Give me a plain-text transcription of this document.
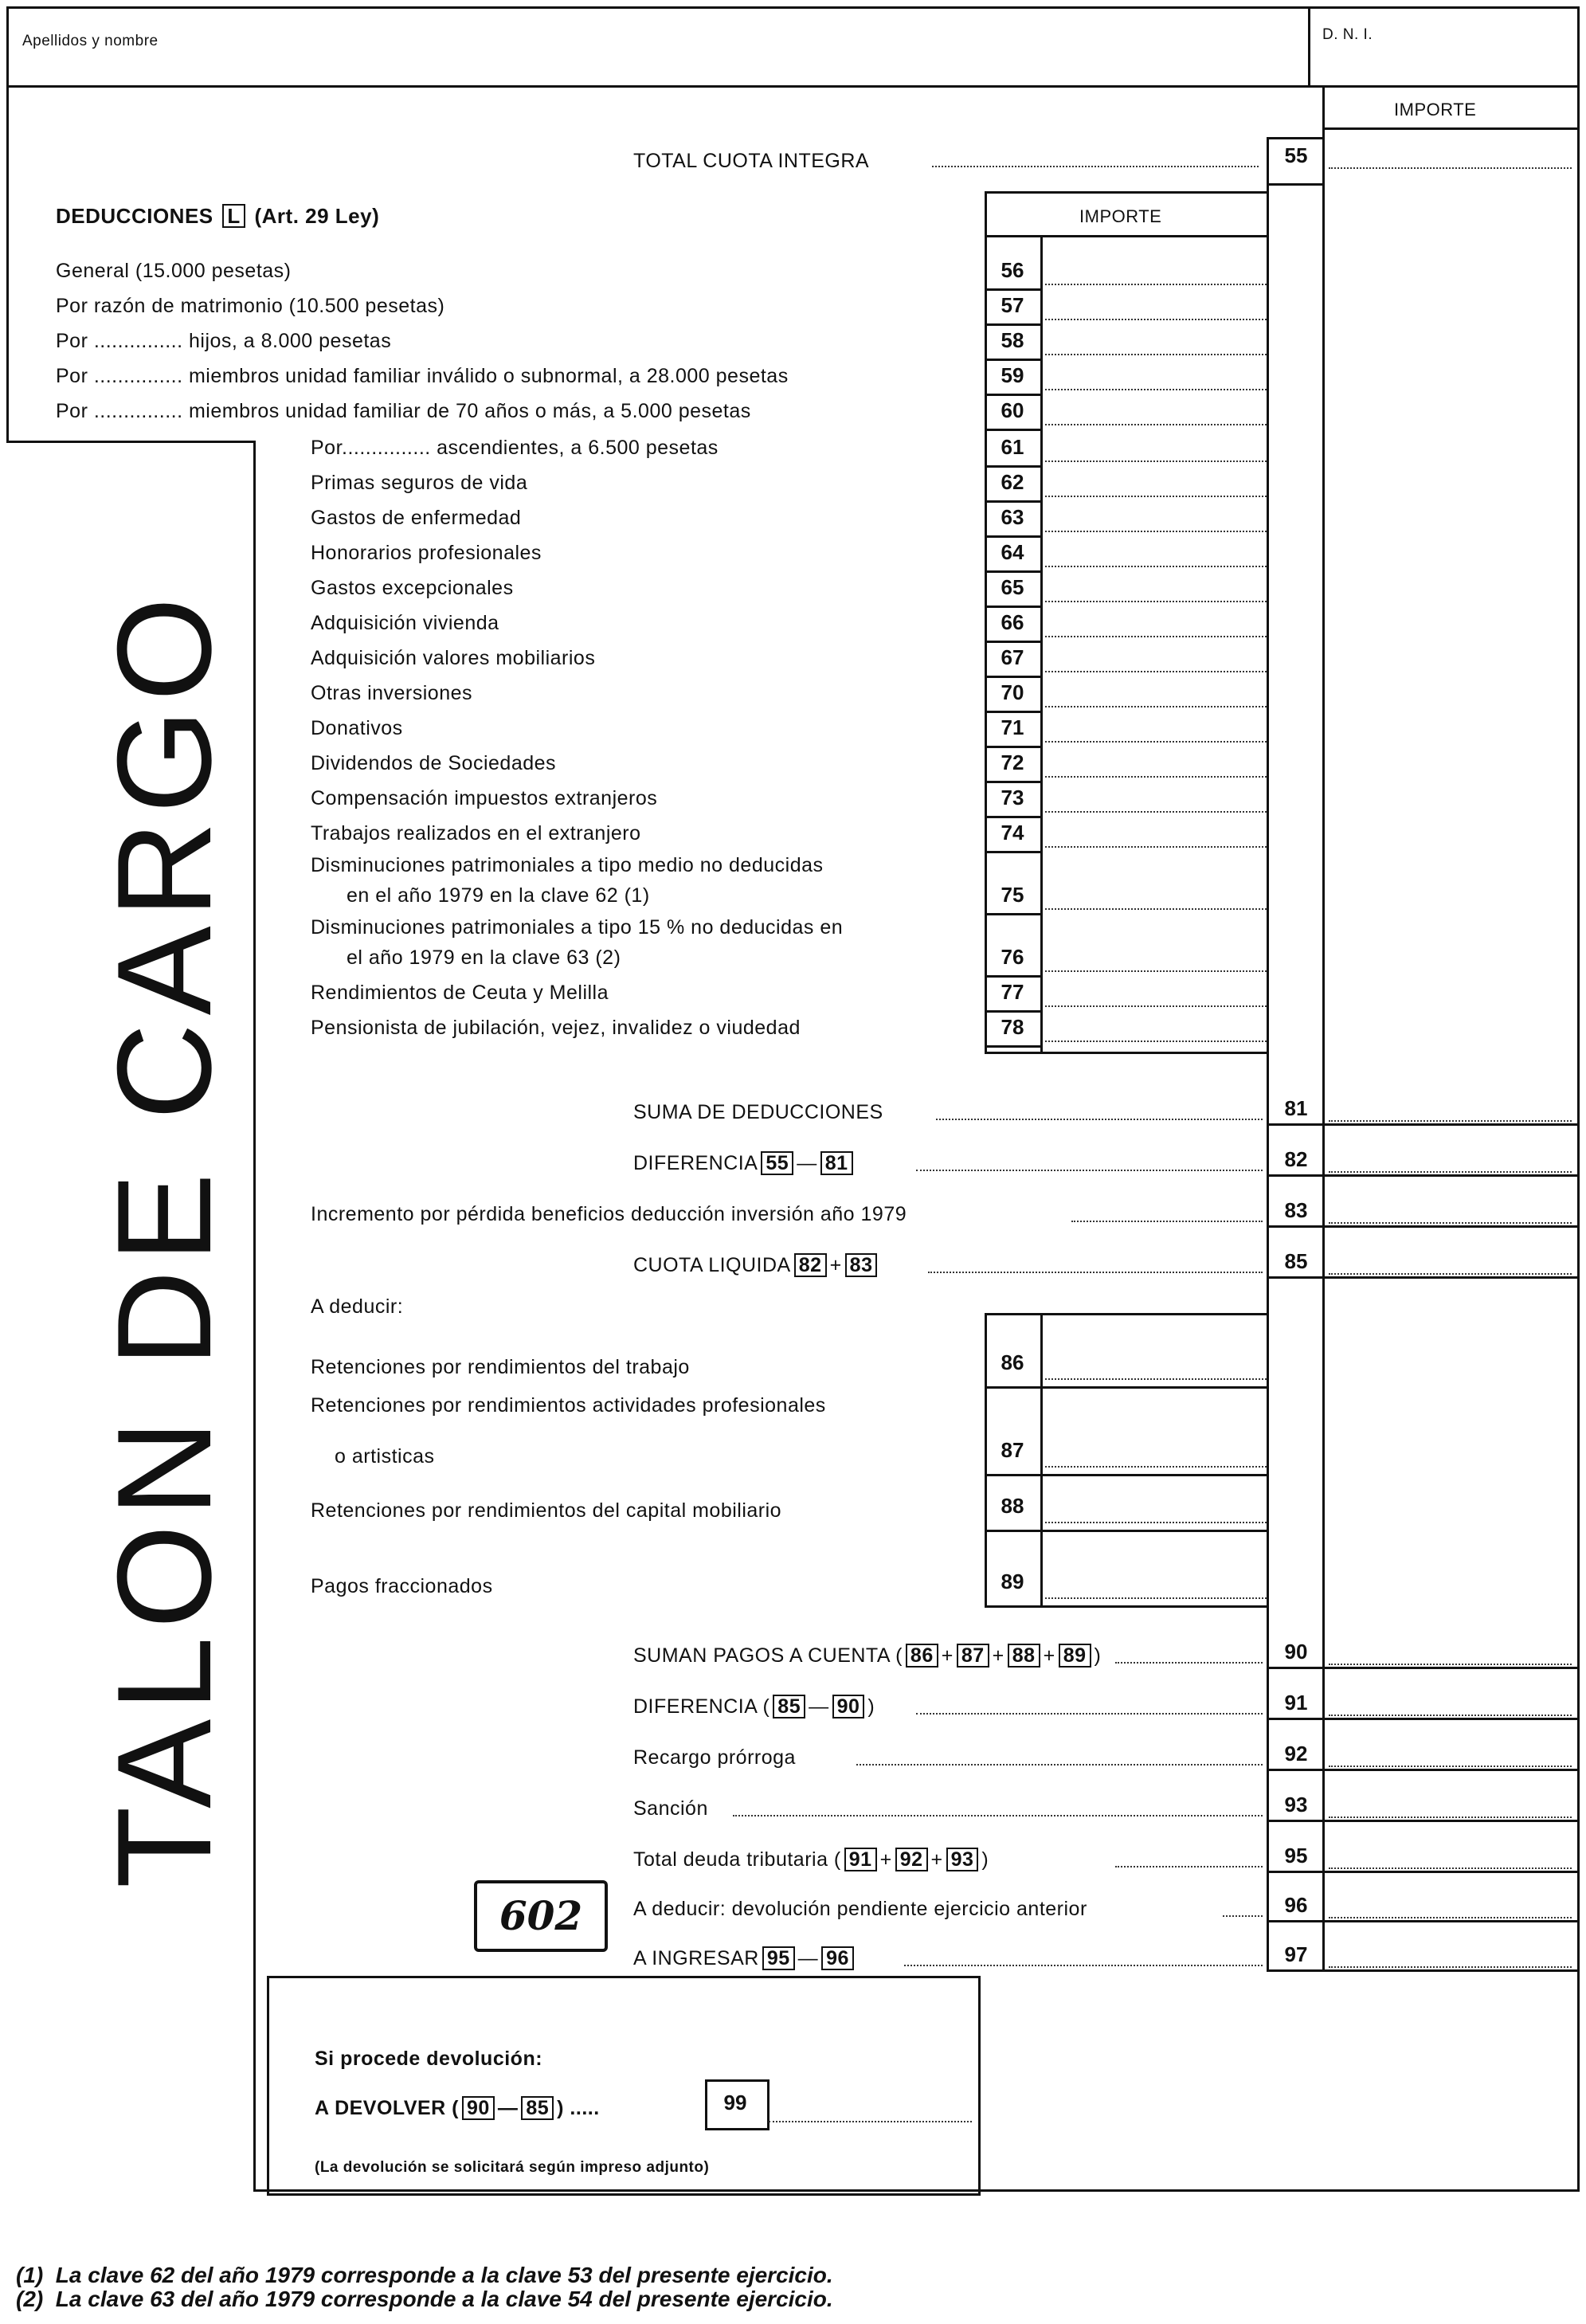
Apellidos y nombre	D. N. I.
IMPORTE
TOTAL CUOTA INTEGRA	55
DEDUCCIONES L (Art. 29 Ley)	IMPORTE
General (15.000 pesetas)	56
Por razón de matrimonio (10.500 pesetas)	57
Por ............... hijos, a 8.000 pesetas	58
Por ............... miembros unidad familiar inválido o subnormal, a 28.000 pesetas	59
Por ............... miembros unidad familiar de 70 años o más, a 5.000 pesetas	60
Por............... ascendientes, a 6.500 pesetas	61
Primas seguros de vida	62
Gastos de enfermedad	63
Honorarios profesionales	64
Gastos excepcionales	65
Adquisición vivienda	66
Adquisición valores mobiliarios	67
Otras inversiones	70
Donativos	71
Dividendos de Sociedades	72
Compensación impuestos extranjeros	73
Trabajos realizados en el extranjero	74
Disminuciones patrimoniales a tipo medio no deducidas
en el año 1979 en la clave 62 (1)	75
Disminuciones patrimoniales a tipo 15 % no deducidas en
el año 1979 en la clave 63 (2)	76
Rendimientos de Ceuta y Melilla	77
Pensionista de jubilación, vejez, invalidez o viudedad	78
SUMA DE DEDUCCIONES	81
DIFERENCIA 55 — 81	82
Incremento por pérdida beneficios deducción inversión año 1979	83
CUOTA LIQUIDA 82 + 83	85
A deducir:
Retenciones por rendimientos del trabajo	86
Retenciones por rendimientos actividades profesionales
o artisticas	87
Retenciones por rendimientos del capital mobiliario	88
Pagos fraccionados	89
SUMAN PAGOS A CUENTA ( 86 + 87 + 88 + 89 )	90
DIFERENCIA ( 85 — 90 )	91
Recargo prórroga	92
Sanción	93
Total deuda tributaria ( 91 + 92 + 93 )	95
A deducir: devolución pendiente ejercicio anterior	96
A INGRESAR 95 — 96	97
TALON DE CARGO
602
Si procede devolución:
A DEVOLVER ( 90 — 85 ) .....	99
(La devolución se solicitará según impreso adjunto)
(1) La clave 62 del año 1979 corresponde a la clave 53 del presente ejercicio.
(2) La clave 63 del año 1979 corresponde a la clave 54 del presente ejercicio.
